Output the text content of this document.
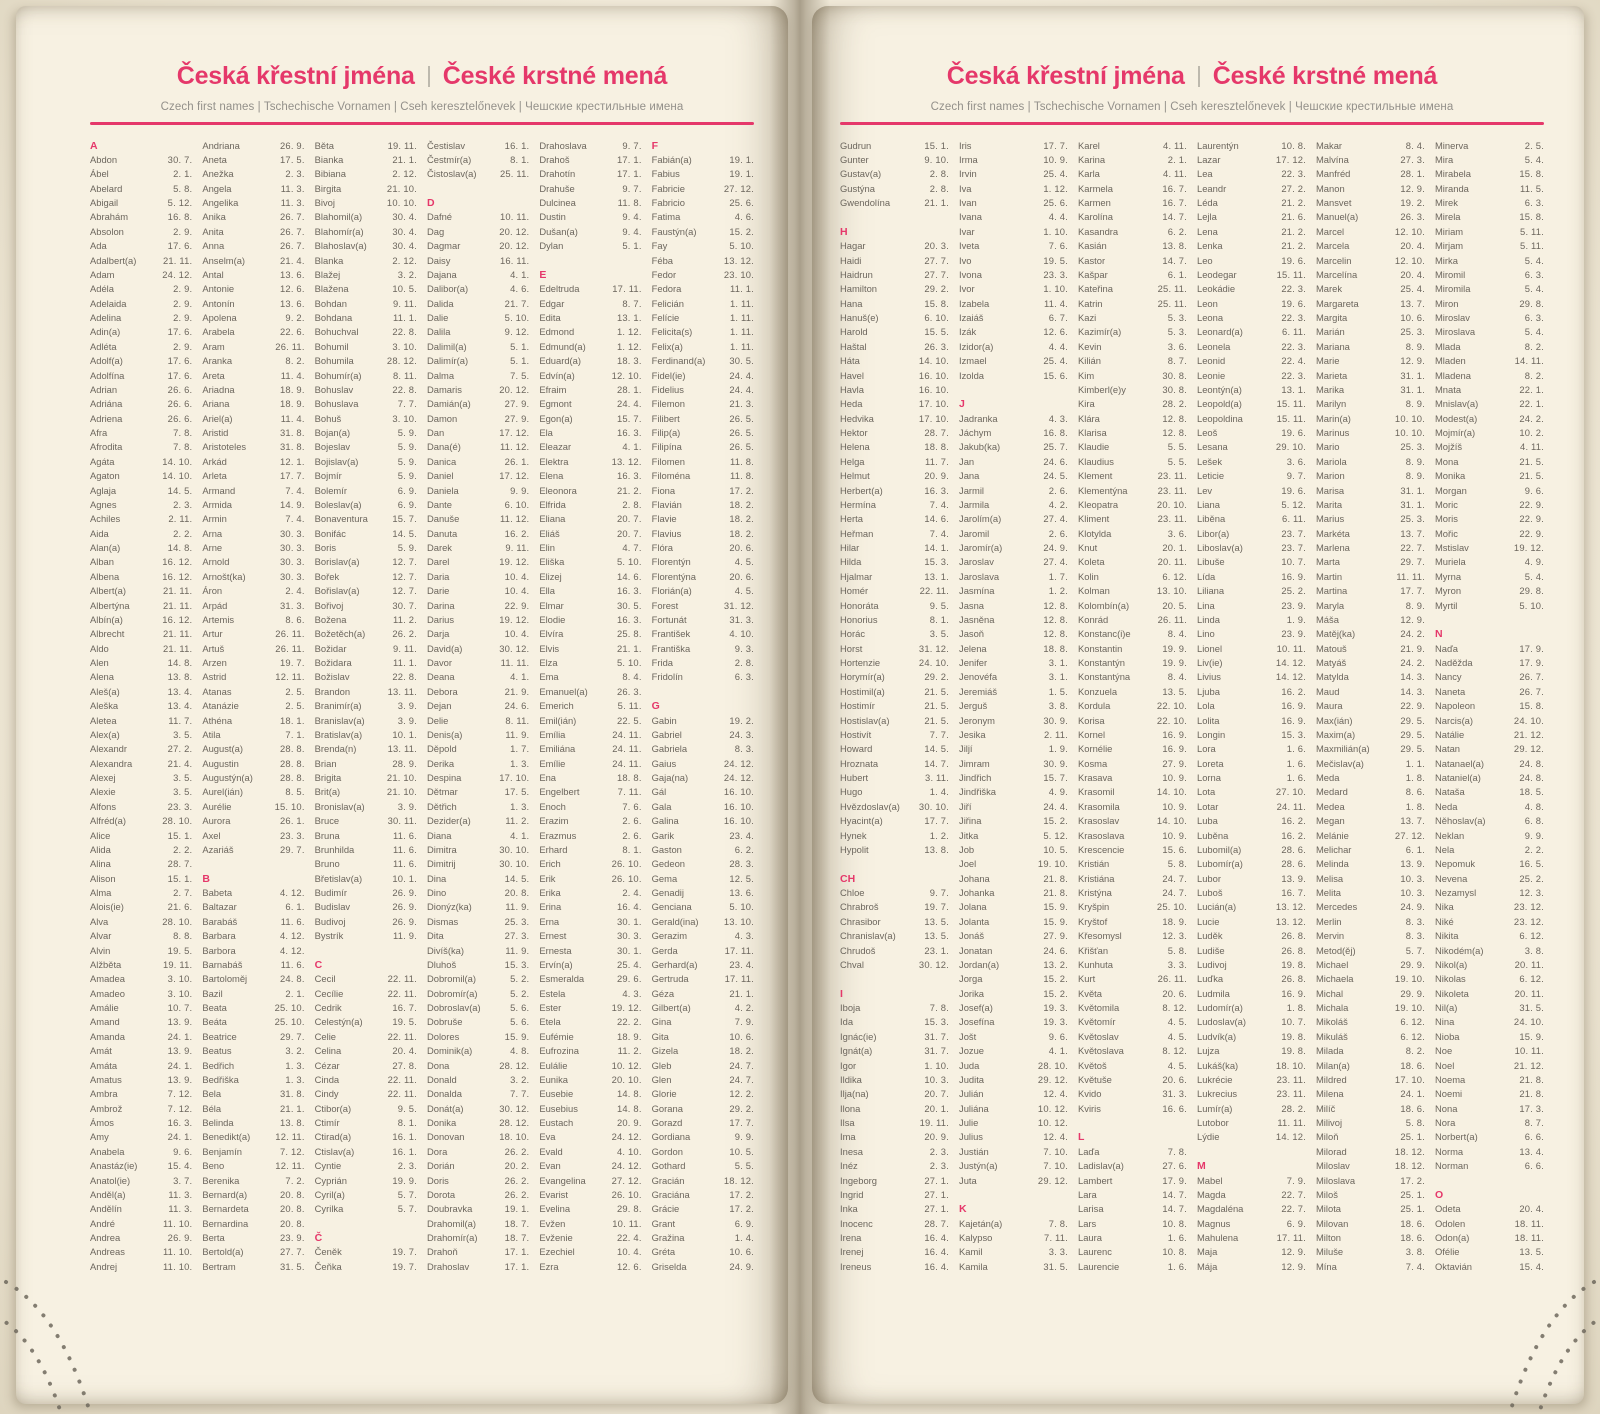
Česká křestní jména České krstné mená
Czech first names | Tschechische Vornamen | Cseh keresztelőnevek | Чешские крестильные имена
A
Abdon	30. 7.
Ábel	2. 1.
Abelard	5. 8.
Abigail	5. 12.
Abrahám	16. 8.
Absolon	2. 9.
Ada	17. 6.
Adalbert(a)	21. 11.
Adam	24. 12.
Adéla	2. 9.
Adelaida	2. 9.
Adelina	2. 9.
Adin(a)	17. 6.
Adléta	2. 9.
Adolf(a)	17. 6.
Adolfína	17. 6.
Adrian	26. 6.
Adriána	26. 6.
Adriena	26. 6.
Afra	7. 8.
Afrodita	7. 8.
Agáta	14. 10.
Agaton	14. 10.
Aglaja	14. 5.
Agnes	2. 3.
Achiles	2. 11.
Aida	2. 2.
Alan(a)	14. 8.
Alban	16. 12.
Albena	16. 12.
Albert(a)	21. 11.
Albertýna	21. 11.
Albín(a)	16. 12.
Albrecht	21. 11.
Aldo	21. 11.
Alen	14. 8.
Alena	13. 8.
Aleš(a)	13. 4.
Aleška	13. 4.
Aletea	11. 7.
Alex(a)	3. 5.
Alexandr	27. 2.
Alexandra	21. 4.
Alexej	3. 5.
Alexie	3. 5.
Alfons	23. 3.
Alfréd(a)	28. 10.
Alice	15. 1.
Alida	2. 2.
Alina	28. 7.
Alison	15. 1.
Alma	2. 7.
Alois(ie)	21. 6.
Alva	28. 10.
Alvar	8. 8.
Alvin	19. 5.
Alžběta	19. 11.
Amadea	3. 10.
Amadeo	3. 10.
Amálie	10. 7.
Amand	13. 9.
Amanda	24. 1.
Amát	13. 9.
Amáta	24. 1.
Amatus	13. 9.
Ambra	7. 12.
Ambrož	7. 12.
Ámos	16. 3.
Amy	24. 1.
Anabela	9. 6.
Anastáz(ie)	15. 4.
Anatol(ie)	3. 7.
Anděl(a)	11. 3.
Andělín	11. 3.
André	11. 10.
Andrea	26. 9.
Andreas	11. 10.
Andrej	11. 10.
Andriana	26. 9.
Aneta	17. 5.
Anežka	2. 3.
Angela	11. 3.
Angelika	11. 3.
Anika	26. 7.
Anita	26. 7.
Anna	26. 7.
Anselm(a)	21. 4.
Antal	13. 6.
Antonie	12. 6.
Antonín	13. 6.
Apolena	9. 2.
Arabela	22. 6.
Aram	26. 11.
Aranka	8. 2.
Areta	11. 4.
Ariadna	18. 9.
Ariana	18. 9.
Ariel(a)	11. 4.
Aristid	31. 8.
Aristoteles	31. 8.
Arkád	12. 1.
Arleta	17. 7.
Armand	7. 4.
Armida	14. 9.
Armin	7. 4.
Arna	30. 3.
Arne	30. 3.
Arnold	30. 3.
Arnošt(ka)	30. 3.
Áron	2. 4.
Arpád	31. 3.
Artemis	8. 6.
Artur	26. 11.
Artuš	26. 11.
Arzen	19. 7.
Astrid	12. 11.
Atanas	2. 5.
Atanázie	2. 5.
Athéna	18. 1.
Atila	7. 1.
August(a)	28. 8.
Augustin	28. 8.
Augustýn(a)	28. 8.
Aurel(ián)	8. 5.
Aurélie	15. 10.
Aurora	26. 1.
Axel	23. 3.
Azariáš	29. 7.
B
Babeta	4. 12.
Baltazar	6. 1.
Barabáš	11. 6.
Barbara	4. 12.
Barbora	4. 12.
Barnabáš	11. 6.
Bartoloměj	24. 8.
Bazil	2. 1.
Beata	25. 10.
Beáta	25. 10.
Beatrice	29. 7.
Beatus	3. 2.
Bedřich	1. 3.
Bedřiška	1. 3.
Bela	31. 8.
Béla	21. 1.
Belinda	13. 8.
Benedikt(a)	12. 11.
Benjamín	7. 12.
Beno	12. 11.
Berenika	7. 2.
Bernard(a)	20. 8.
Bernardeta	20. 8.
Bernardina	20. 8.
Berta	23. 9.
Bertold(a)	27. 7.
Bertram	31. 5.
Běta	19. 11.
Bianka	21. 1.
Bibiana	2. 12.
Birgita	21. 10.
Bivoj	10. 10.
Blahomil(a)	30. 4.
Blahomír(a)	30. 4.
Blahoslav(a)	30. 4.
Blanka	2. 12.
Blažej	3. 2.
Blažena	10. 5.
Bohdan	9. 11.
Bohdana	11. 1.
Bohuchval	22. 8.
Bohumil	3. 10.
Bohumila	28. 12.
Bohumír(a)	8. 11.
Bohuslav	22. 8.
Bohuslava	7. 7.
Bohuš	3. 10.
Bojan(a)	5. 9.
Bojeslav	5. 9.
Bojislav(a)	5. 9.
Bojmír	5. 9.
Bolemír	6. 9.
Boleslav(a)	6. 9.
Bonaventura	15. 7.
Bonifác	14. 5.
Boris	5. 9.
Borislav(a)	12. 7.
Bořek	12. 7.
Bořislav(a)	12. 7.
Bořivoj	30. 7.
Božena	11. 2.
Božetěch(a)	26. 2.
Božidar	9. 11.
Božidara	11. 1.
Božislav	22. 8.
Brandon	13. 11.
Branimír(a)	3. 9.
Branislav(a)	3. 9.
Bratislav(a)	10. 1.
Brenda(n)	13. 11.
Brian	28. 9.
Brigita	21. 10.
Brit(a)	21. 10.
Bronislav(a)	3. 9.
Bruce	30. 11.
Bruna	11. 6.
Brunhilda	11. 6.
Bruno	11. 6.
Břetislav(a)	10. 1.
Budimír	26. 9.
Budislav	26. 9.
Budivoj	26. 9.
Bystrík	11. 9.
C
Cecil	22. 11.
Cecílie	22. 11.
Cedrik	16. 7.
Celestýn(a)	19. 5.
Celie	22. 11.
Celina	20. 4.
Cézar	27. 8.
Cinda	22. 11.
Cindy	22. 11.
Ctibor(a)	9. 5.
Ctimír	8. 1.
Ctirad(a)	16. 1.
Ctislav(a)	16. 1.
Cyntie	2. 3.
Cyprián	19. 9.
Cyril(a)	5. 7.
Cyrilka	5. 7.
Č
Čeněk	19. 7.
Čeňka	19. 7.
Čestislav	16. 1.
Čestmír(a)	8. 1.
Čistoslav(a)	25. 11.
D
Dafné	10. 11.
Dag	20. 12.
Dagmar	20. 12.
Daisy	16. 11.
Dajana	4. 1.
Dalibor(a)	4. 6.
Dalida	21. 7.
Dalie	5. 10.
Dalila	9. 12.
Dalimil(a)	5. 1.
Dalimír(a)	5. 1.
Dalma	7. 5.
Damaris	20. 12.
Damián(a)	27. 9.
Damon	27. 9.
Dan	17. 12.
Dana(é)	11. 12.
Danica	26. 1.
Daniel	17. 12.
Daniela	9. 9.
Dante	6. 10.
Danuše	11. 12.
Danuta	16. 2.
Darek	9. 11.
Darel	19. 12.
Daria	10. 4.
Darie	10. 4.
Darina	22. 9.
Darius	19. 12.
Darja	10. 4.
David(a)	30. 12.
Davor	11. 11.
Deana	4. 1.
Debora	21. 9.
Dejan	24. 6.
Delie	8. 11.
Denis(a)	11. 9.
Děpold	1. 7.
Derika	1. 3.
Despina	17. 10.
Dětmar	17. 5.
Dětřich	1. 3.
Dezider(a)	11. 2.
Diana	4. 1.
Dimitra	30. 10.
Dimitrij	30. 10.
Dina	14. 5.
Dino	20. 8.
Dionýz(ka)	11. 9.
Dismas	25. 3.
Dita	27. 3.
Divíš(ka)	11. 9.
Dluhoš	15. 3.
Dobromil(a)	5. 2.
Dobromír(a)	5. 2.
Dobroslav(a)	5. 6.
Dobruše	5. 6.
Dolores	15. 9.
Dominik(a)	4. 8.
Dona	28. 12.
Donald	3. 2.
Donalda	7. 7.
Donát(a)	30. 12.
Donika	28. 12.
Donovan	18. 10.
Dora	26. 2.
Dorián	20. 2.
Doris	26. 2.
Dorota	26. 2.
Doubravka	19. 1.
Drahomil(a)	18. 7.
Drahomír(a)	18. 7.
Drahoň	17. 1.
Drahoslav	17. 1.
Drahoslava	9. 7.
Drahoš	17. 1.
Drahotín	17. 1.
Drahuše	9. 7.
Dulcinea	11. 8.
Dustin	9. 4.
Dušan(a)	9. 4.
Dylan	5. 1.
E
Edeltruda	17. 11.
Edgar	8. 7.
Edita	13. 1.
Edmond	1. 12.
Edmund(a)	1. 12.
Eduard(a)	18. 3.
Edvín(a)	12. 10.
Efraim	28. 1.
Egmont	24. 4.
Egon(a)	15. 7.
Ela	16. 3.
Eleazar	4. 1.
Elektra	13. 12.
Elena	16. 3.
Eleonora	21. 2.
Elfrida	2. 8.
Eliana	20. 7.
Eliáš	20. 7.
Elin	4. 7.
Eliška	5. 10.
Elizej	14. 6.
Ella	16. 3.
Elmar	30. 5.
Elodie	16. 3.
Elvíra	25. 8.
Elvis	21. 1.
Elza	5. 10.
Ema	8. 4.
Emanuel(a)	26. 3.
Emerich	5. 11.
Emil(ián)	22. 5.
Emília	24. 11.
Emiliána	24. 11.
Emílie	24. 11.
Ena	18. 8.
Engelbert	7. 11.
Enoch	7. 6.
Erazim	2. 6.
Erazmus	2. 6.
Erhard	8. 1.
Erich	26. 10.
Erik	26. 10.
Erika	2. 4.
Erina	16. 4.
Erna	30. 1.
Ernest	30. 3.
Ernesta	30. 1.
Ervín(a)	25. 4.
Esmeralda	29. 6.
Estela	4. 3.
Ester	19. 12.
Etela	22. 2.
Eufémie	18. 9.
Eufrozina	11. 2.
Eulálie	10. 12.
Eunika	20. 10.
Eusebie	14. 8.
Eusebius	14. 8.
Eustach	20. 9.
Eva	24. 12.
Evald	4. 10.
Evan	24. 12.
Evangelina	27. 12.
Evarist	26. 10.
Evelina	29. 8.
Evžen	10. 11.
Evženie	22. 4.
Ezechiel	10. 4.
Ezra	12. 6.
F
Fabián(a)	19. 1.
Fabius	19. 1.
Fabricie	27. 12.
Fabricio	25. 6.
Fatima	4. 6.
Faustýn(a)	15. 2.
Fay	5. 10.
Féba	13. 12.
Fedor	23. 10.
Fedora	11. 1.
Felicián	1. 11.
Felície	1. 11.
Felicita(s)	1. 11.
Felix(a)	1. 11.
Ferdinand(a)	30. 5.
Fidel(ie)	24. 4.
Fidelius	24. 4.
Filemon	21. 3.
Filibert	26. 5.
Filip(a)	26. 5.
Filipína	26. 5.
Filomen	11. 8.
Filoména	11. 8.
Fiona	17. 2.
Flavián	18. 2.
Flavie	18. 2.
Flavius	18. 2.
Flóra	20. 6.
Florentýn	4. 5.
Florentýna	20. 6.
Florián(a)	4. 5.
Forest	31. 12.
Fortunát	31. 3.
František	4. 10.
Františka	9. 3.
Frida	2. 8.
Fridolín	6. 3.
G
Gabin	19. 2.
Gabriel	24. 3.
Gabriela	8. 3.
Gaius	24. 12.
Gaja(na)	24. 12.
Gál	16. 10.
Gala	16. 10.
Galina	16. 10.
Garik	23. 4.
Gaston	6. 2.
Gedeon	28. 3.
Gema	12. 5.
Genadij	13. 6.
Genciana	5. 10.
Gerald(ina)	13. 10.
Gerazim	4. 3.
Gerda	17. 11.
Gerhard(a)	23. 4.
Gertruda	17. 11.
Géza	21. 1.
Gilbert(a)	4. 2.
Gina	7. 9.
Gita	10. 6.
Gizela	18. 2.
Gleb	24. 7.
Glen	24. 7.
Glorie	12. 2.
Gorana	29. 2.
Gorazd	17. 7.
Gordiana	9. 9.
Gordon	10. 5.
Gothard	5. 5.
Gracián	18. 12.
Graciána	17. 2.
Grácie	17. 2.
Grant	6. 9.
Gražina	1. 4.
Gréta	10. 6.
Griselda	24. 9.
Česká křestní jména České krstné mená
Czech first names | Tschechische Vornamen | Cseh keresztelőnevek | Чешские крестильные имена
Gudrun	15. 1.
Gunter	9. 10.
Gustav(a)	2. 8.
Gustýna	2. 8.
Gwendolína	21. 1.
H
Hagar	20. 3.
Haidi	27. 7.
Haidrun	27. 7.
Hamilton	29. 2.
Hana	15. 8.
Hanuš(e)	6. 10.
Harold	15. 5.
Haštal	26. 3.
Háta	14. 10.
Havel	16. 10.
Havla	16. 10.
Heda	17. 10.
Hedvika	17. 10.
Hektor	28. 7.
Helena	18. 8.
Helga	11. 7.
Helmut	20. 9.
Herbert(a)	16. 3.
Hermína	7. 4.
Herta	14. 6.
Heřman	7. 4.
Hilar	14. 1.
Hilda	15. 3.
Hjalmar	13. 1.
Homér	22. 11.
Honoráta	9. 5.
Honorius	8. 1.
Horác	3. 5.
Horst	31. 12.
Hortenzie	24. 10.
Horymír(a)	29. 2.
Hostimil(a)	21. 5.
Hostimír	21. 5.
Hostislav(a)	21. 5.
Hostivít	7. 7.
Howard	14. 5.
Hroznata	14. 7.
Hubert	3. 11.
Hugo	1. 4.
Hvězdoslav(a)	30. 10.
Hyacint(a)	17. 7.
Hynek	1. 2.
Hypolit	13. 8.
CH
Chloe	9. 7.
Chrabroš	19. 7.
Chrasibor	13. 5.
Chranislav(a)	13. 5.
Chrudoš	23. 1.
Chval	30. 12.
I
Iboja	7. 8.
Ida	15. 3.
Ignác(ie)	31. 7.
Ignát(a)	31. 7.
Igor	1. 10.
Ildika	10. 3.
Ilja(na)	20. 7.
Ilona	20. 1.
Ilsa	19. 11.
Ima	20. 9.
Inesa	2. 3.
Inéz	2. 3.
Ingeborg	27. 1.
Ingrid	27. 1.
Inka	27. 1.
Inocenc	28. 7.
Irena	16. 4.
Irenej	16. 4.
Ireneus	16. 4.
Iris	17. 7.
Irma	10. 9.
Irvin	25. 4.
Iva	1. 12.
Ivan	25. 6.
Ivana	4. 4.
Ivar	1. 10.
Iveta	7. 6.
Ivo	19. 5.
Ivona	23. 3.
Ivor	1. 10.
Izabela	11. 4.
Izaiáš	6. 7.
Izák	12. 6.
Izidor(a)	4. 4.
Izmael	25. 4.
Izolda	15. 6.
J
Jadranka	4. 3.
Jáchym	16. 8.
Jakub(ka)	25. 7.
Jan	24. 6.
Jana	24. 5.
Jarmil	2. 6.
Jarmila	4. 2.
Jarolím(a)	27. 4.
Jaromil	2. 6.
Jaromír(a)	24. 9.
Jaroslav	27. 4.
Jaroslava	1. 7.
Jasmína	1. 2.
Jasna	12. 8.
Jasněna	12. 8.
Jasoň	12. 8.
Jelena	18. 8.
Jenifer	3. 1.
Jenovéfa	3. 1.
Jeremiáš	1. 5.
Jerguš	3. 8.
Jeronym	30. 9.
Jesika	2. 11.
Jiljí	1. 9.
Jimram	30. 9.
Jindřich	15. 7.
Jindřiška	4. 9.
Jiří	24. 4.
Jiřina	15. 2.
Jitka	5. 12.
Job	10. 5.
Joel	19. 10.
Johana	21. 8.
Johanka	21. 8.
Jolana	15. 9.
Jolanta	15. 9.
Jonáš	27. 9.
Jonatan	24. 6.
Jordan(a)	13. 2.
Jorga	15. 2.
Jorika	15. 2.
Josef(a)	19. 3.
Josefína	19. 3.
Jošt	9. 6.
Jozue	4. 1.
Juda	28. 10.
Judita	29. 12.
Julián	12. 4.
Juliána	10. 12.
Julie	10. 12.
Julius	12. 4.
Justián	7. 10.
Justýn(a)	7. 10.
Juta	29. 12.
K
Kajetán(a)	7. 8.
Kalypso	7. 11.
Kamil	3. 3.
Kamila	31. 5.
Karel	4. 11.
Karina	2. 1.
Karla	4. 11.
Karmela	16. 7.
Karmen	16. 7.
Karolína	14. 7.
Kasandra	6. 2.
Kasián	13. 8.
Kastor	14. 7.
Kašpar	6. 1.
Kateřina	25. 11.
Katrin	25. 11.
Kazi	5. 3.
Kazimír(a)	5. 3.
Kevin	3. 6.
Kilián	8. 7.
Kim	30. 8.
Kimberl(e)y	30. 8.
Kira	28. 2.
Klára	12. 8.
Klarisa	12. 8.
Klaudie	5. 5.
Klaudius	5. 5.
Klement	23. 11.
Klementýna	23. 11.
Kleopatra	20. 10.
Kliment	23. 11.
Klotylda	3. 6.
Knut	20. 1.
Koleta	20. 11.
Kolin	6. 12.
Kolman	13. 10.
Kolombín(a)	20. 5.
Konrád	26. 11.
Konstanc(i)e	8. 4.
Konstantin	19. 9.
Konstantýn	19. 9.
Konstantýna	8. 4.
Konzuela	13. 5.
Kordula	22. 10.
Korisa	22. 10.
Kornel	16. 9.
Kornélie	16. 9.
Kosma	27. 9.
Krasava	10. 9.
Krasomil	14. 10.
Krasomila	10. 9.
Krasoslav	14. 10.
Krasoslava	10. 9.
Krescencie	15. 6.
Kristián	5. 8.
Kristiána	24. 7.
Kristýna	24. 7.
Kryšpin	25. 10.
Kryštof	18. 9.
Křesomysl	12. 3.
Křišťan	5. 8.
Kunhuta	3. 3.
Kurt	26. 11.
Květa	20. 6.
Květomila	8. 12.
Květomír	4. 5.
Květoslav	4. 5.
Květoslava	8. 12.
Květoš	4. 5.
Květuše	20. 6.
Kvido	31. 3.
Kviris	16. 6.
L
Laďa	7. 8.
Ladislav(a)	27. 6.
Lambert	17. 9.
Lara	14. 7.
Larisa	14. 7.
Lars	10. 8.
Laura	1. 6.
Laurenc	10. 8.
Laurencie	1. 6.
Laurentýn	10. 8.
Lazar	17. 12.
Lea	22. 3.
Leandr	27. 2.
Léda	21. 2.
Lejla	21. 6.
Lena	21. 2.
Lenka	21. 2.
Leo	19. 6.
Leodegar	15. 11.
Leokádie	22. 3.
Leon	19. 6.
Leona	22. 3.
Leonard(a)	6. 11.
Leonela	22. 3.
Leonid	22. 4.
Leonie	22. 3.
Leontýn(a)	13. 1.
Leopold(a)	15. 11.
Leopoldina	15. 11.
Leoš	19. 6.
Lesana	29. 10.
Lešek	3. 6.
Leticie	9. 7.
Lev	19. 6.
Liana	5. 12.
Liběna	6. 11.
Libor(a)	23. 7.
Liboslav(a)	23. 7.
Libuše	10. 7.
Lída	16. 9.
Liliana	25. 2.
Lina	23. 9.
Linda	1. 9.
Lino	23. 9.
Lionel	10. 11.
Liv(ie)	14. 12.
Livius	14. 12.
Ljuba	16. 2.
Lola	16. 9.
Lolita	16. 9.
Longin	15. 3.
Lora	1. 6.
Loreta	1. 6.
Lorna	1. 6.
Lota	27. 10.
Lotar	24. 11.
Luba	16. 2.
Luběna	16. 2.
Lubomil(a)	28. 6.
Lubomír(a)	28. 6.
Lubor	13. 9.
Luboš	16. 7.
Lucián(a)	13. 12.
Lucie	13. 12.
Luděk	26. 8.
Ludiše	26. 8.
Ludivoj	19. 8.
Luďka	26. 8.
Ludmila	16. 9.
Ludomír(a)	1. 8.
Ludoslav(a)	10. 7.
Ludvík(a)	19. 8.
Lujza	19. 8.
Lukáš(ka)	18. 10.
Lukrécie	23. 11.
Lukrecius	23. 11.
Lumír(a)	28. 2.
Lutobor	11. 11.
Lýdie	14. 12.
M
Mabel	7. 9.
Magda	22. 7.
Magdaléna	22. 7.
Magnus	6. 9.
Mahulena	17. 11.
Maja	12. 9.
Mája	12. 9.
Makar	8. 4.
Malvína	27. 3.
Manfréd	28. 1.
Manon	12. 9.
Mansvet	19. 2.
Manuel(a)	26. 3.
Marcel	12. 10.
Marcela	20. 4.
Marcelin	12. 10.
Marcelína	20. 4.
Marek	25. 4.
Margareta	13. 7.
Margita	10. 6.
Marián	25. 3.
Mariana	8. 9.
Marie	12. 9.
Marieta	31. 1.
Marika	31. 1.
Marilyn	8. 9.
Marin(a)	10. 10.
Marinus	10. 10.
Mario	25. 3.
Mariola	8. 9.
Marion	8. 9.
Marisa	31. 1.
Marita	31. 1.
Marius	25. 3.
Markéta	13. 7.
Marlena	22. 7.
Marta	29. 7.
Martin	11. 11.
Martina	17. 7.
Maryla	8. 9.
Máša	12. 9.
Matěj(ka)	24. 2.
Matouš	21. 9.
Matyáš	24. 2.
Matylda	14. 3.
Maud	14. 3.
Maura	22. 9.
Max(ián)	29. 5.
Maxim(a)	29. 5.
Maxmilián(a)	29. 5.
Mečislav(a)	1. 1.
Meda	1. 8.
Medard	8. 6.
Medea	1. 8.
Megan	13. 7.
Melánie	27. 12.
Melichar	6. 1.
Melinda	13. 9.
Melisa	10. 3.
Melita	10. 3.
Mercedes	24. 9.
Merlin	8. 3.
Mervin	8. 3.
Metod(ěj)	5. 7.
Michael	29. 9.
Michaela	19. 10.
Michal	29. 9.
Michala	19. 10.
Mikoláš	6. 12.
Mikuláš	6. 12.
Milada	8. 2.
Milan(a)	18. 6.
Mildred	17. 10.
Milena	24. 1.
Milíč	18. 6.
Milivoj	5. 8.
Miloň	25. 1.
Milorad	18. 12.
Miloslav	18. 12.
Miloslava	17. 2.
Miloš	25. 1.
Milota	25. 1.
Milovan	18. 6.
Milton	18. 6.
Miluše	3. 8.
Mína	7. 4.
Minerva	2. 5.
Mira	5. 4.
Mirabela	15. 8.
Miranda	11. 5.
Mirek	6. 3.
Mirela	15. 8.
Miriam	5. 11.
Mirjam	5. 11.
Mirka	5. 4.
Miromil	6. 3.
Miromila	5. 4.
Miron	29. 8.
Miroslav	6. 3.
Miroslava	5. 4.
Mlada	8. 2.
Mladen	14. 11.
Mladena	8. 2.
Mnata	22. 1.
Mnislav(a)	22. 1.
Modest(a)	24. 2.
Mojmír(a)	10. 2.
Mojžíš	4. 11.
Mona	21. 5.
Monika	21. 5.
Morgan	9. 6.
Moric	22. 9.
Moris	22. 9.
Mořic	22. 9.
Mstislav	19. 12.
Muriela	4. 9.
Myrna	5. 4.
Myron	29. 8.
Myrtil	5. 10.
N
Naďa	17. 9.
Naděžda	17. 9.
Nancy	26. 7.
Naneta	26. 7.
Napoleon	15. 8.
Narcis(a)	24. 10.
Natálie	21. 12.
Natan	29. 12.
Natanael(a)	24. 8.
Nataniel(a)	24. 8.
Nataša	18. 5.
Neda	4. 8.
Něhoslav(a)	6. 8.
Neklan	9. 9.
Nela	2. 2.
Nepomuk	16. 5.
Nevena	25. 2.
Nezamysl	12. 3.
Nika	23. 12.
Niké	23. 12.
Nikita	6. 12.
Nikodém(a)	3. 8.
Nikol(a)	20. 11.
Nikolas	6. 12.
Nikoleta	20. 11.
Nil(a)	31. 5.
Nina	24. 10.
Nioba	15. 9.
Noe	10. 11.
Noel	21. 12.
Noema	21. 8.
Noemi	21. 8.
Nona	17. 3.
Nora	8. 7.
Norbert(a)	6. 6.
Norma	13. 4.
Norman	6. 6.
O
Odeta	20. 4.
Odolen	18. 11.
Odon(a)	18. 11.
Ofélie	13. 5.
Oktavián	15. 4.
